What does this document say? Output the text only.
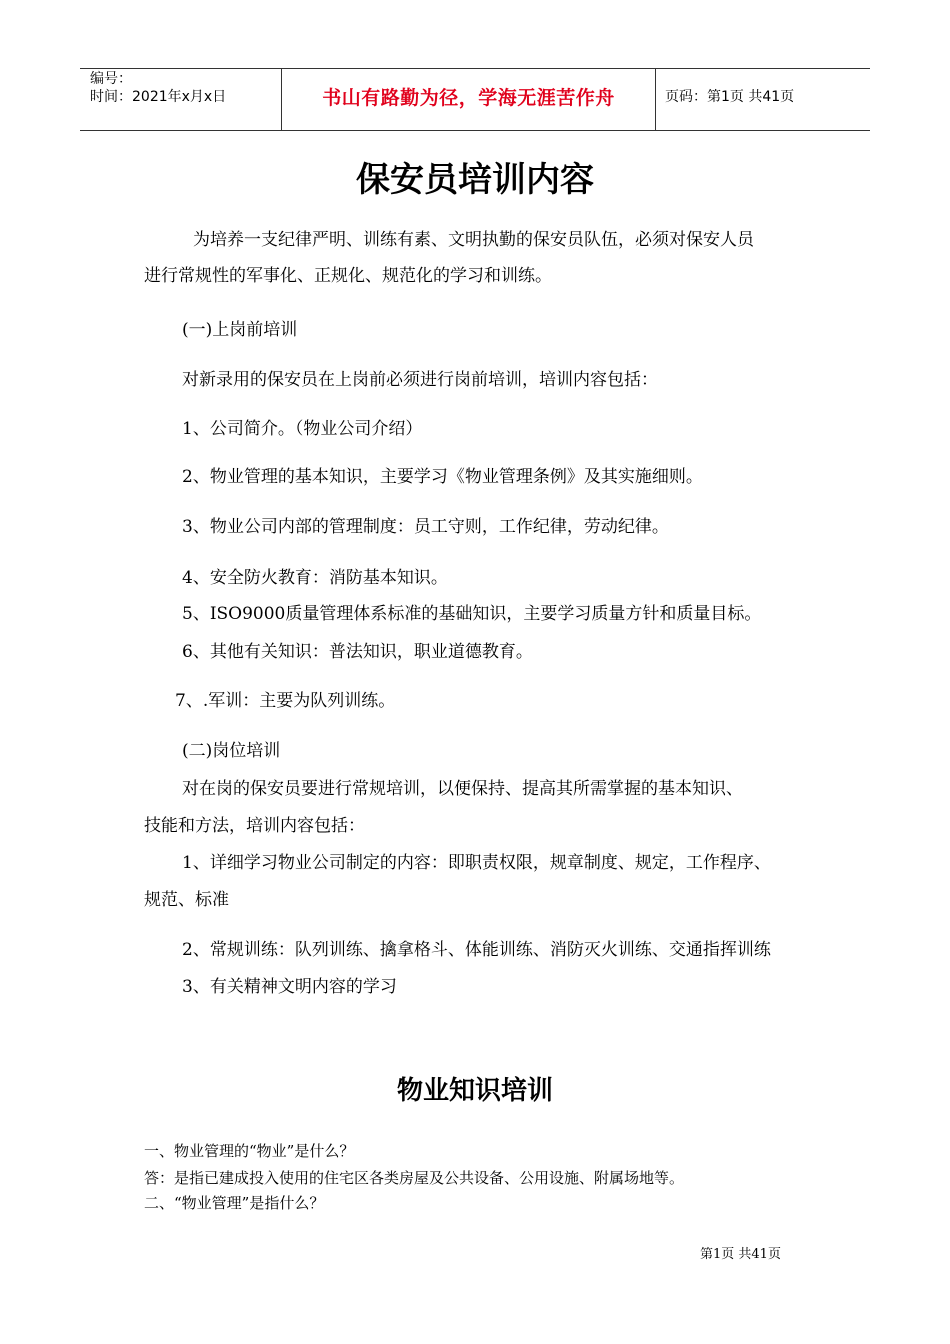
编号：
时间：2021年x月x日	书山有路勤为径，学海无涯苦作舟	页码：第1页 共41页
保安员培训内容
为培养一支纪律严明、训练有素、文明执勤的保安员队伍，必须对保安人员
进行常规性的军事化、正规化、规范化的学习和训练。
(一)上岗前培训
对新录用的保安员在上岗前必须进行岗前培训，培训内容包括：
1、公司简介。（物业公司介绍）
2、物业管理的基本知识，主要学习《物业管理条例》及其实施细则。
3、物业公司内部的管理制度：员工守则，工作纪律，劳动纪律。
4、安全防火教育：消防基本知识。
5、ISO9000质量管理体系标准的基础知识，主要学习质量方针和质量目标。
6、其他有关知识：普法知识，职业道德教育。
7、.军训：主要为队列训练。
(二)岗位培训
对在岗的保安员要进行常规培训，以便保持、提高其所需掌握的基本知识、
技能和方法，培训内容包括：
1、详细学习物业公司制定的内容：即职责权限，规章制度、规定，工作程序、
规范、标准
2、常规训练：队列训练、擒拿格斗、体能训练、消防灭火训练、交通指挥训练
3、有关精神文明内容的学习
物业知识培训
一、物业管理的“物业”是什么？
答：是指已建成投入使用的住宅区各类房屋及公共设备、公用设施、附属场地等。
二、“物业管理”是指什么？
第1页 共41页
